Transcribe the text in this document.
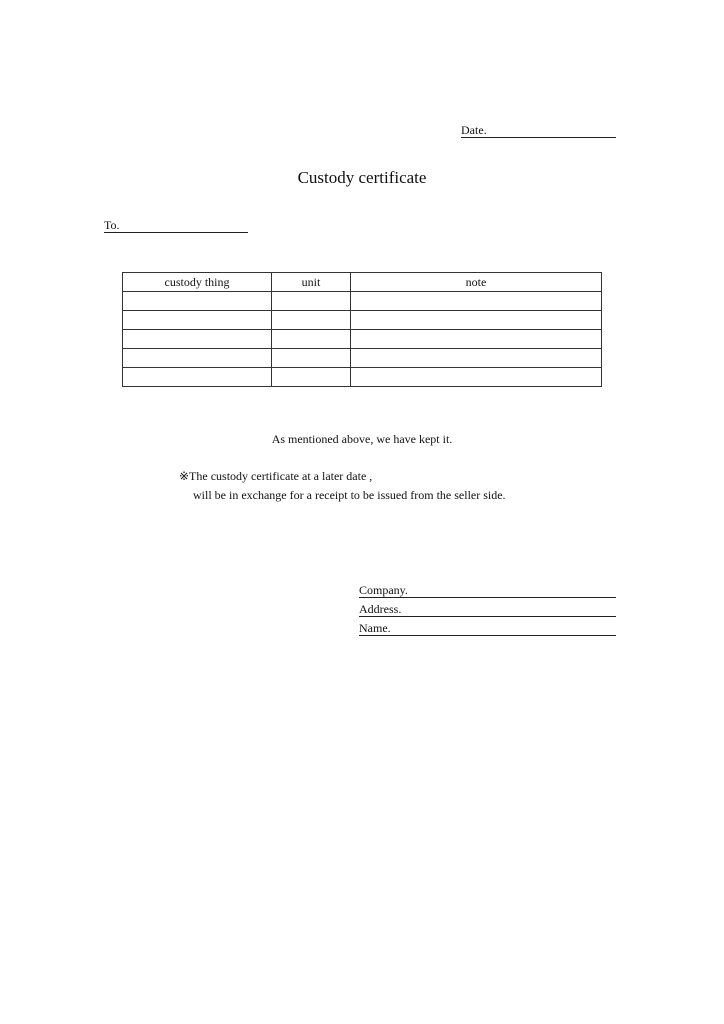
Date.
Custody certificate
To.
custody thing	unit	note

As mentioned above, we have kept it.
※The custody certificate at a later date ,
will be in exchange for a receipt to be issued from the seller side.
Company.
Address.
Name.
